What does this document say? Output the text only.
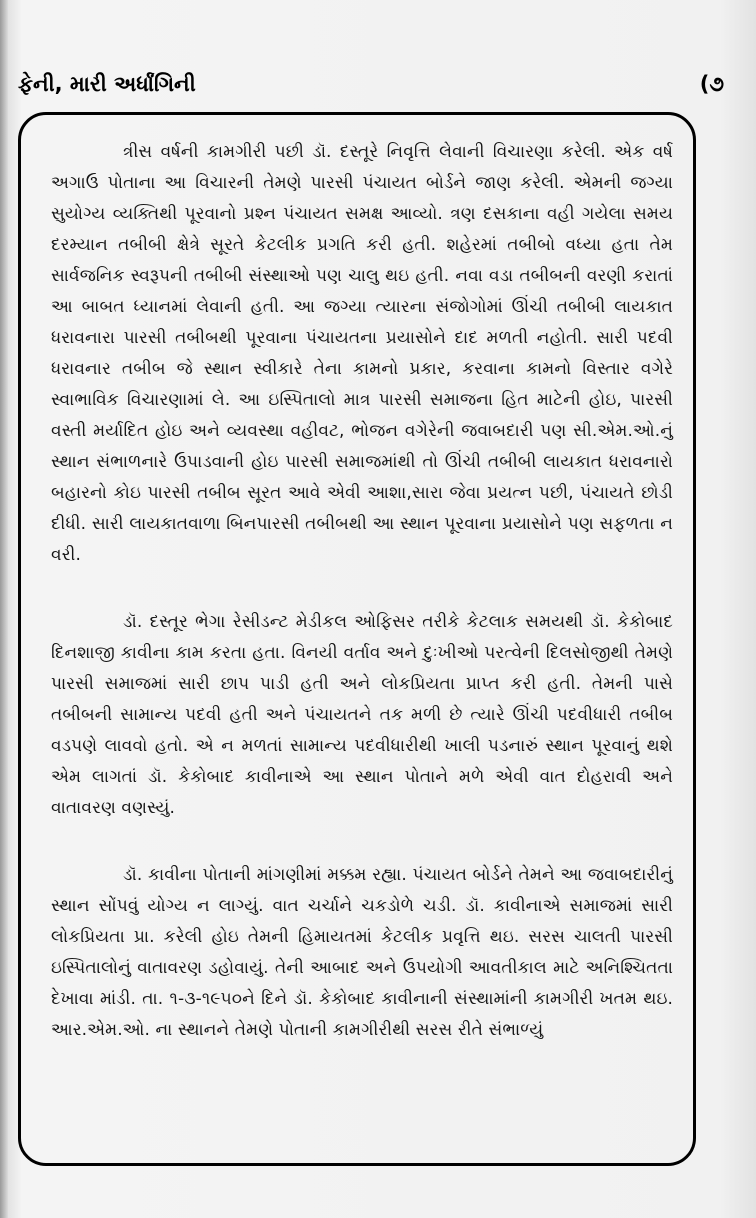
ફેની, મારી અર્ધાંગિની	(૭

ત્રીસ વર્ષની કામગીરી પછી ડૉ. દસ્તૂરે નિવૃત્તિ લેવાની વિચારણા કરેલી. એક વર્ષ અગાઉ પોતાના આ વિચારની તેમણે પારસી પંચાયત બોર્ડને જાણ કરેલી. એમની જગ્યા સુયોગ્ય વ્યક્તિથી પૂરવાનો પ્રશ્ન પંચાયત સમક્ષ આવ્યો. ત્રણ દસકાના વહી ગયેલા સમય દરમ્યાન તબીબી ક્ષેત્રે સૂરતે કેટલીક પ્રગતિ કરી હતી. શહેરમાં તબીબો વધ્યા હતા તેમ સાર્વજનિક સ્વરૂપની તબીબી સંસ્થાઓ પણ ચાલુ થઇ હતી. નવા વડા તબીબની વરણી કરાતાં આ બાબત ધ્યાનમાં લેવાની હતી. આ જગ્યા ત્યારના સંજોગોમાં ઊંચી તબીબી લાયકાત ધરાવનારા પારસી તબીબથી પૂરવાના પંચાયતના પ્રયાસોને દાદ મળતી નહોતી. સારી પદવી ધરાવનાર તબીબ જે સ્થાન સ્વીકારે તેના કામનો પ્રકાર, કરવાના કામનો વિસ્તાર વગેરે સ્વાભાવિક વિચારણામાં લે. આ ઇસ્પિતાલો માત્ર પારસી સમાજના હિત માટેની હોઇ, પારસી વસ્તી મર્યાદિત હોઇ અને વ્યવસ્થા વહીવટ, ભોજન વગેરેની જવાબદારી પણ સી.એમ.ઓ.નું સ્થાન સંભાળનારે ઉપાડવાની હોઇ પારસી સમાજમાંથી તો ઊંચી તબીબી લાયકાત ધરાવનારો બહારનો કોઇ પારસી તબીબ સૂરત આવે એવી આશા,સારા જેવા પ્રયત્ન પછી, પંચાયતે છોડી દીધી. સારી લાયકાતવાળા બિનપારસી તબીબથી આ સ્થાન પૂરવાના પ્રયાસોને પણ સફળતા ન વરી.

ડૉ. દસ્તૂર ભેગા રેસીડન્ટ મેડીકલ ઓફિસર તરીકે કેટલાક સમયથી ડૉ. કેકોબાદ દિનશાજી કાવીના કામ કરતા હતા. વિનયી વર્તાવ અને દુઃખીઓ પરત્વેની દિલસોજીથી તેમણે પારસી સમાજમાં સારી છાપ પાડી હતી અને લોકપ્રિયતા પ્રાપ્ત કરી હતી. તેમની પાસે તબીબની સામાન્ય પદવી હતી અને પંચાયતને તક મળી છે ત્યારે ઊંચી પદવીધારી તબીબ વડપણે લાવવો હતો. એ ન મળતાં સામાન્ય પદવીધારીથી ખાલી પડનારું સ્થાન પૂરવાનું થશે એમ લાગતાં ડૉ. કેકોબાદ કાવીનાએ આ સ્થાન પોતાને મળે એવી વાત દોહરાવી અને વાતાવરણ વણસ્યું.

ડૉ. કાવીના પોતાની માંગણીમાં મક્કમ રહ્યા. પંચાયત બોર્ડને તેમને આ જવાબદારીનું સ્થાન સોંપવું યોગ્ય ન લાગ્યું. વાત ચર્ચાને ચકડોળે ચડી. ડૉ. કાવીનાએ સમાજમાં સારી લોકપ્રિયતા પ્રા. કરેલી હોઇ તેમની હિમાયતમાં કેટલીક પ્રવૃત્તિ થઇ. સરસ ચાલતી પારસી ઇસ્પિતાલોનું વાતાવરણ ડહોવાયું. તેની આબાદ અને ઉપયોગી આવતીકાલ માટે અનિશ્ચિતતા દેખાવા માંડી. તા. ૧-૩-૧૯૫૦ને દિને ડૉ. કેકોબાદ કાવીનાની સંસ્થામાંની કામગીરી ખતમ થઇ. આર.એમ.ઓ. ના સ્થાનને તેમણે પોતાની કામગીરીથી સરસ રીતે સંભાળ્યું
